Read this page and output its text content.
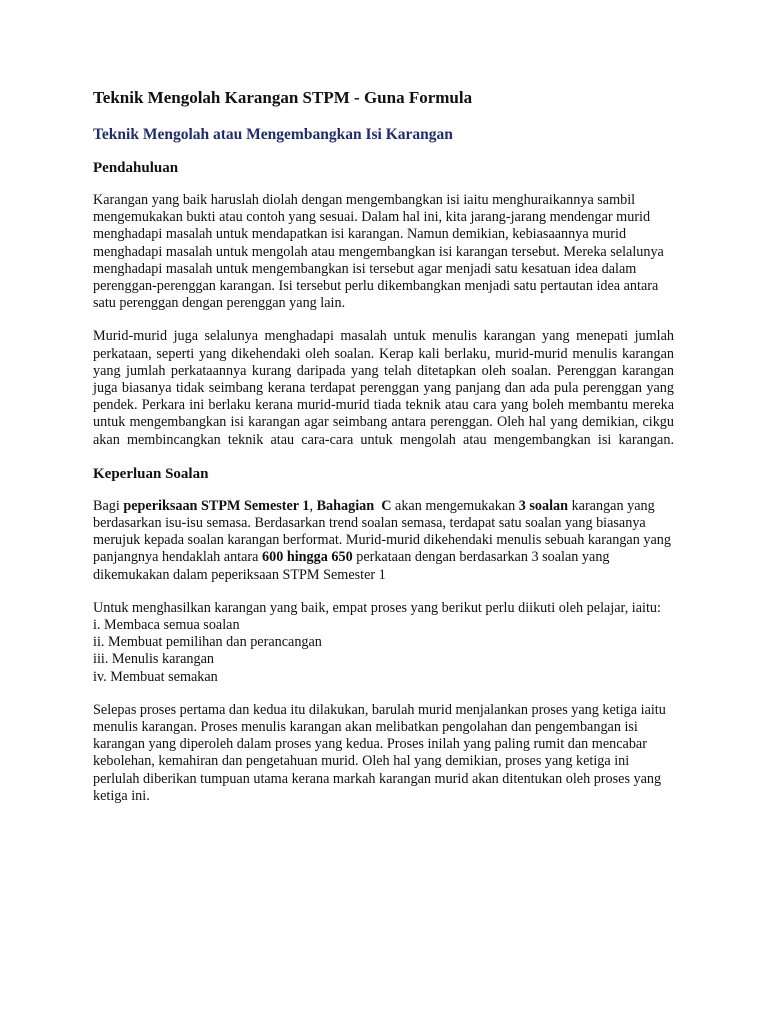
Teknik Mengolah Karangan STPM - Guna Formula
Teknik Mengolah atau Mengembangkan Isi Karangan
Pendahuluan

Karangan yang baik haruslah diolah dengan mengembangkan isi iaitu menghuraikannya sambil mengemukakan bukti atau contoh yang sesuai. Dalam hal ini, kita jarang-jarang mendengar murid menghadapi masalah untuk mendapatkan isi karangan. Namun demikian, kebiasaannya murid menghadapi masalah untuk mengolah atau mengembangkan isi karangan tersebut. Mereka selalunya menghadapi masalah untuk mengembangkan isi tersebut agar menjadi satu kesatuan idea dalam perenggan-perenggan karangan. Isi tersebut perlu dikembangkan menjadi satu pertautan idea antara satu perenggan dengan perenggan yang lain.

Murid-murid juga selalunya menghadapi masalah untuk menulis karangan yang menepati jumlah perkataan, seperti yang dikehendaki oleh soalan. Kerap kali berlaku, murid-murid menulis karangan yang jumlah perkataannya kurang daripada yang telah ditetapkan oleh soalan. Perenggan karangan juga biasanya tidak seimbang kerana terdapat perenggan yang panjang dan ada pula perenggan yang pendek. Perkara ini berlaku kerana murid-murid tiada teknik atau cara yang boleh membantu mereka untuk mengembangkan isi karangan agar seimbang antara perenggan. Oleh hal yang demikian, cikgu akan membincangkan teknik atau cara-cara untuk mengolah atau mengembangkan isi karangan.

Keperluan Soalan

Bagi peperiksaan STPM Semester 1, Bahagian  C akan mengemukakan 3 soalan karangan yang berdasarkan isu-isu semasa. Berdasarkan trend soalan semasa, terdapat satu soalan yang biasanya merujuk kepada soalan karangan berformat. Murid-murid dikehendaki menulis sebuah karangan yang panjangnya hendaklah antara 600 hingga 650 perkataan dengan berdasarkan 3 soalan yang dikemukakan dalam peperiksaan STPM Semester 1

Untuk menghasilkan karangan yang baik, empat proses yang berikut perlu diikuti oleh pelajar, iaitu:
i. Membaca semua soalan
ii. Membuat pemilihan dan perancangan
iii. Menulis karangan
iv. Membuat semakan

Selepas proses pertama dan kedua itu dilakukan, barulah murid menjalankan proses yang ketiga iaitu menulis karangan. Proses menulis karangan akan melibatkan pengolahan dan pengembangan isi karangan yang diperoleh dalam proses yang kedua. Proses inilah yang paling rumit dan mencabar kebolehan, kemahiran dan pengetahuan murid. Oleh hal yang demikian, proses yang ketiga ini perlulah diberikan tumpuan utama kerana markah karangan murid akan ditentukan oleh proses yang ketiga ini.
